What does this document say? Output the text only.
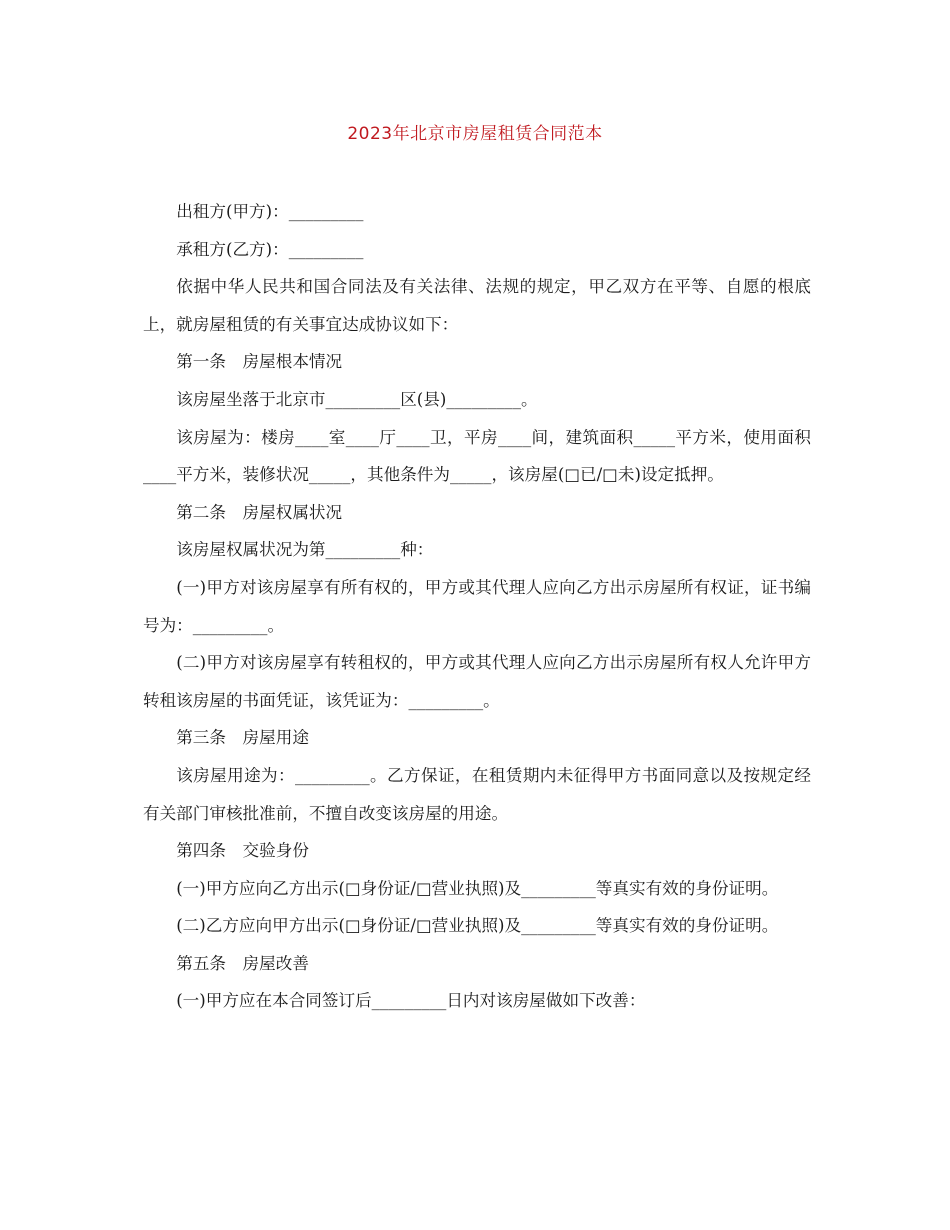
2023年北京市房屋租赁合同范本

出租方(甲方)：_________

承租方(乙方)：_________

依据中华人民共和国合同法及有关法律、法规的规定，甲乙双方在平等、自愿的根底上，就房屋租赁的有关事宜达成协议如下：

第一条　房屋根本情况

该房屋坐落于北京市_________区(县)_________。

该房屋为：楼房____室____厅____卫，平房____间，建筑面积_____平方米，使用面积 ____平方米，装修状况_____，其他条件为_____，该房屋(□已/□未)设定抵押。

第二条　房屋权属状况

该房屋权属状况为第_________种：

(一)甲方对该房屋享有所有权的，甲方或其代理人应向乙方出示房屋所有权证，证书编号为：_________。

(二)甲方对该房屋享有转租权的，甲方或其代理人应向乙方出示房屋所有权人允许甲方转租该房屋的书面凭证，该凭证为：_________。

第三条　房屋用途

该房屋用途为：_________。乙方保证，在租赁期内未征得甲方书面同意以及按规定经有关部门审核批准前，不擅自改变该房屋的用途。

第四条　交验身份

(一)甲方应向乙方出示(□身份证/□营业执照)及_________等真实有效的身份证明。

(二)乙方应向甲方出示(□身份证/□营业执照)及_________等真实有效的身份证明。

第五条　房屋改善

(一)甲方应在本合同签订后_________日内对该房屋做如下改善：
